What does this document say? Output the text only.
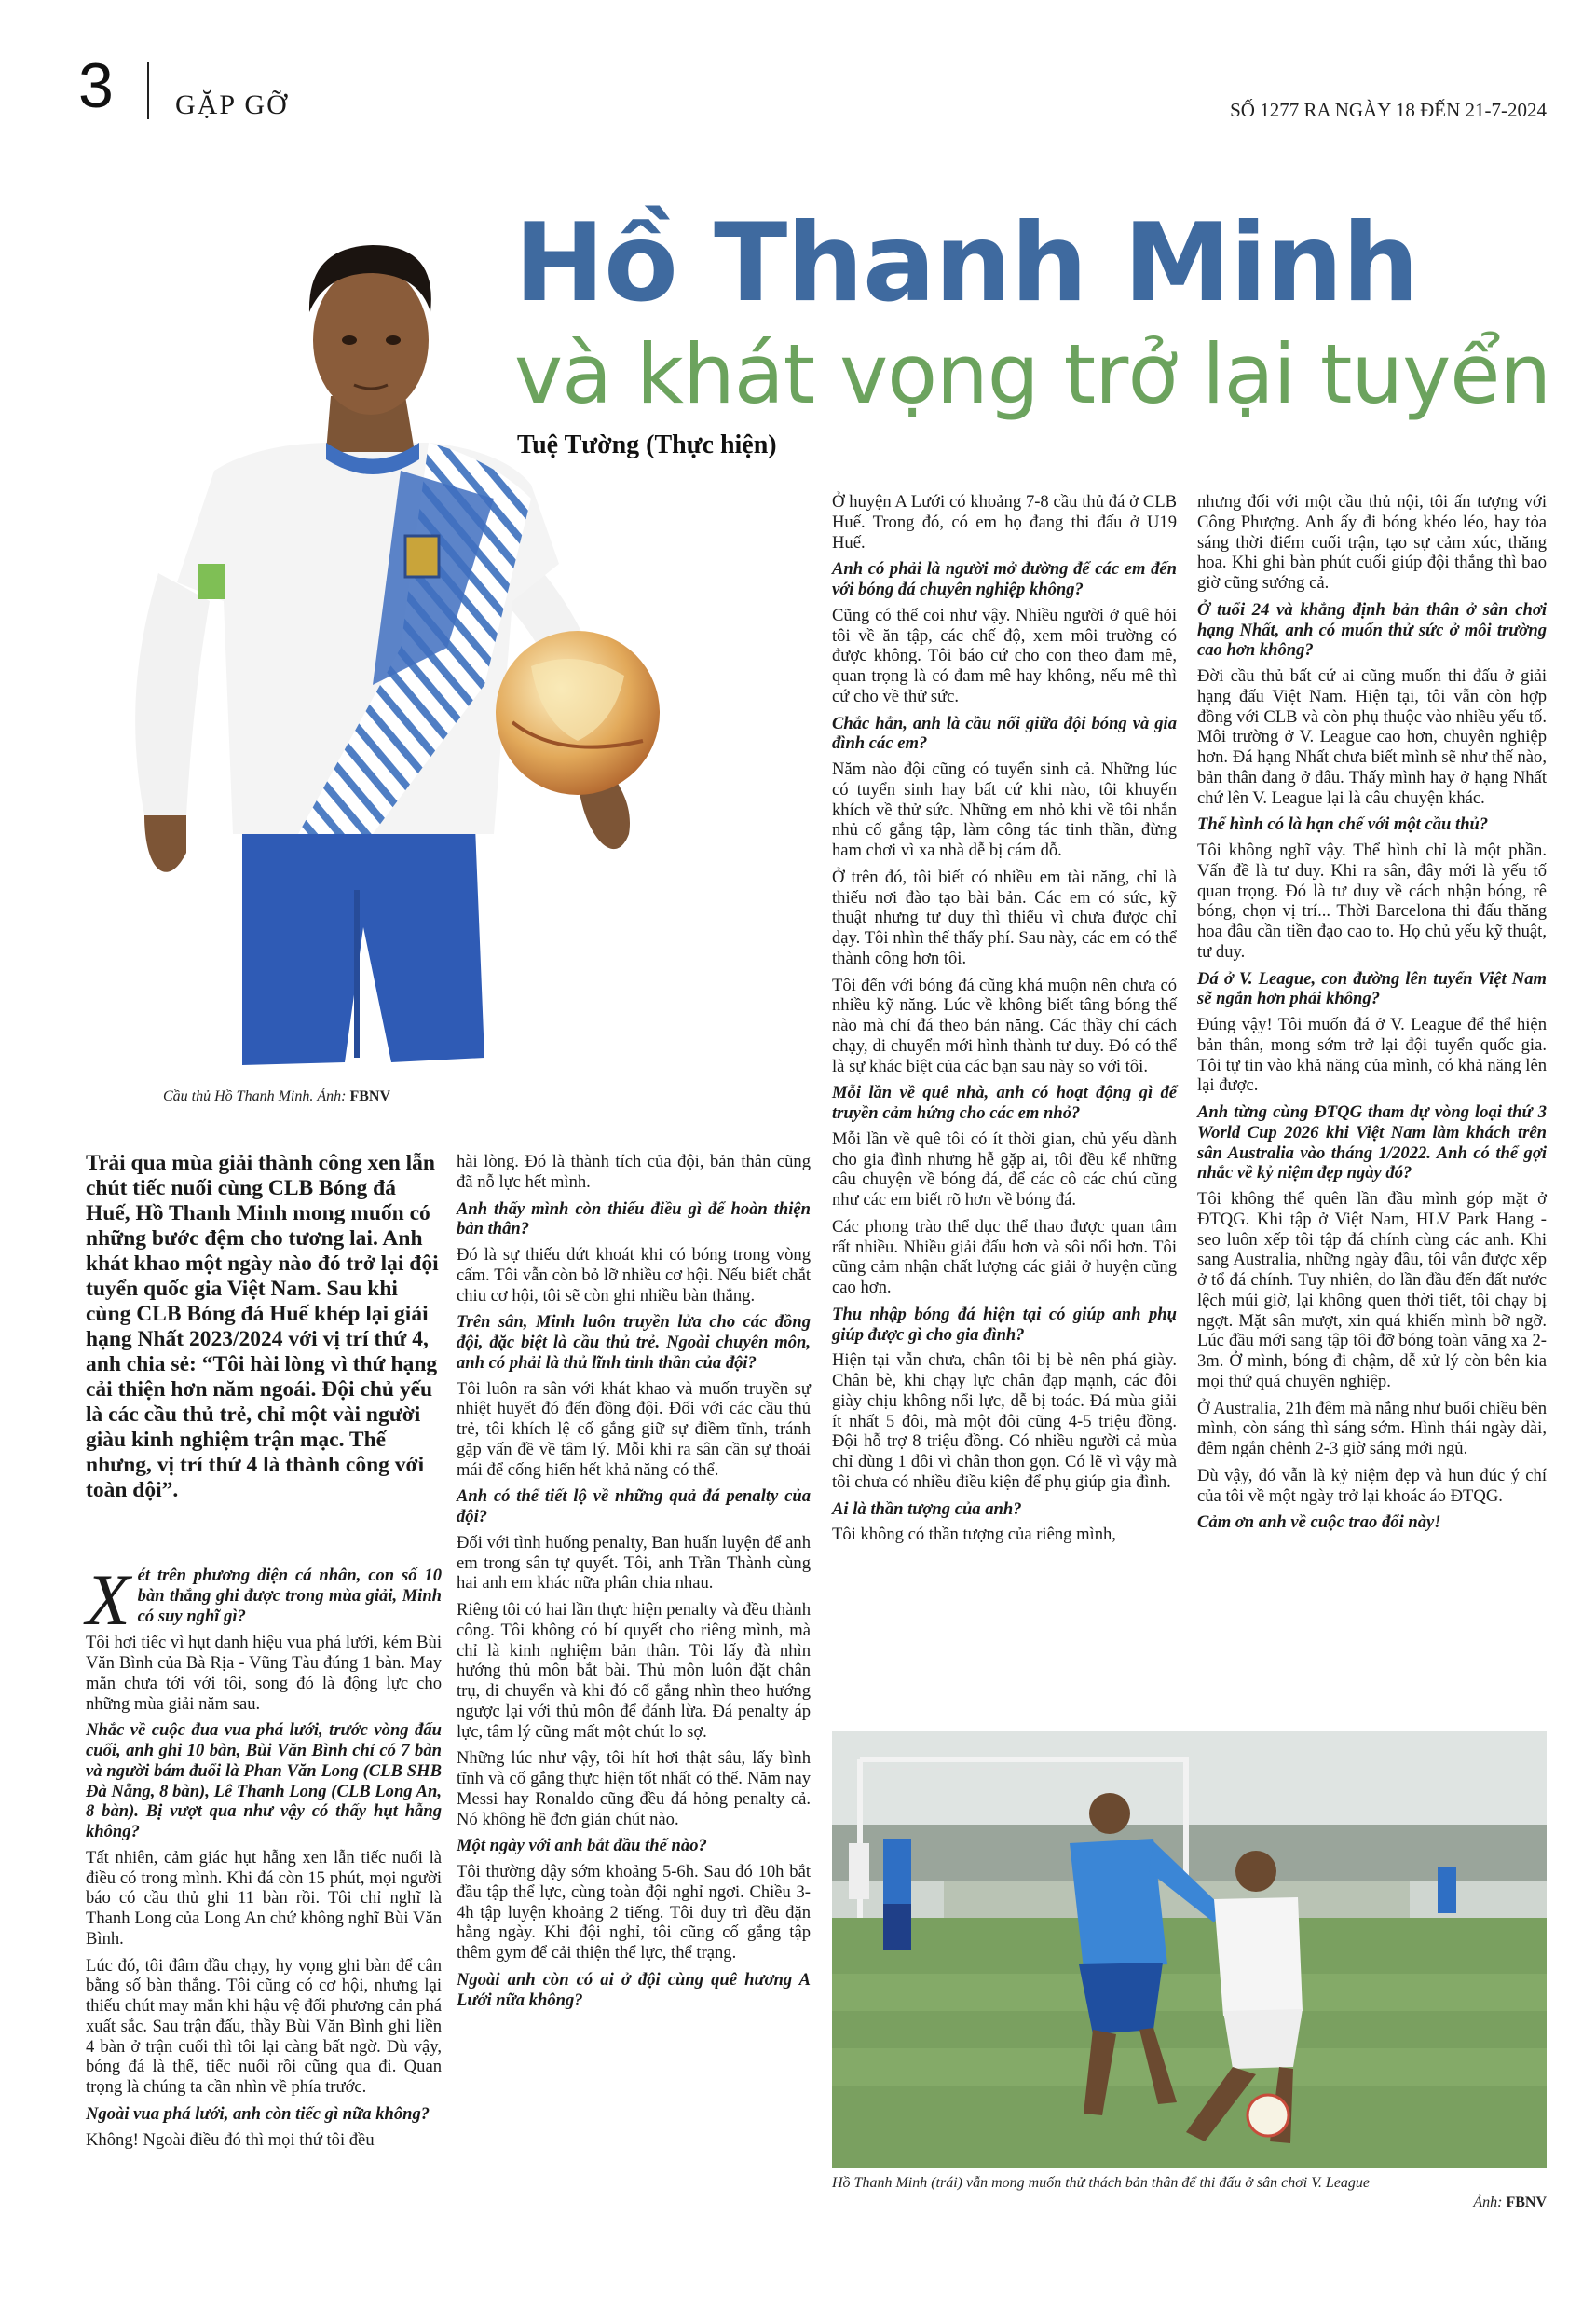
3 GẶP GỠ	SỐ 1277 RA NGÀY 18 ĐẾN 21-7-2024
Hồ Thanh Minh
và khát vọng trở lại tuyển
Tuệ Tường (Thực hiện)
Cầu thủ Hồ Thanh Minh. Ảnh: FBNV
Trải qua mùa giải thành công xen lẫn chút tiếc nuối cùng CLB Bóng đá Huế, Hồ Thanh Minh mong muốn có những bước đệm cho tương lai. Anh khát khao một ngày nào đó trở lại đội tuyển quốc gia Việt Nam. Sau khi cùng CLB Bóng đá Huế khép lại giải hạng Nhất 2023/2024 với vị trí thứ 4, anh chia sẻ: “Tôi hài lòng vì thứ hạng cải thiện hơn năm ngoái. Đội chủ yếu là các cầu thủ trẻ, chỉ một vài người giàu kinh nghiệm trận mạc. Thế nhưng, vị trí thứ 4 là thành công với toàn đội”.

Xét trên phương diện cá nhân, con số 10 bàn thắng ghi được trong mùa giải, Minh có suy nghĩ gì?

Tôi hơi tiếc vì hụt danh hiệu vua phá lưới, kém Bùi Văn Bình của Bà Rịa - Vũng Tàu đúng 1 bàn. May mắn chưa tới với tôi, song đó là động lực cho những mùa giải năm sau.

Nhắc về cuộc đua vua phá lưới, trước vòng đấu cuối, anh ghi 10 bàn, Bùi Văn Bình chỉ có 7 bàn và người bám đuổi là Phan Văn Long (CLB SHB Đà Nẵng, 8 bàn), Lê Thanh Long (CLB Long An, 8 bàn). Bị vượt qua như vậy có thấy hụt hẫng không?

Tất nhiên, cảm giác hụt hẫng xen lẫn tiếc nuối là điều có trong mình. Khi đá còn 15 phút, mọi người báo có cầu thủ ghi 11 bàn rồi. Tôi chỉ nghĩ là Thanh Long của Long An chứ không nghĩ Bùi Văn Bình.

Lúc đó, tôi đâm đầu chạy, hy vọng ghi bàn để cân bằng số bàn thắng. Tôi cũng có cơ hội, nhưng lại thiếu chút may mắn khi hậu vệ đối phương cản phá xuất sắc. Sau trận đấu, thầy Bùi Văn Bình ghi liền 4 bàn ở trận cuối thì tôi lại càng bất ngờ. Dù vậy, bóng đá là thế, tiếc nuối rồi cũng qua đi. Quan trọng là chúng ta cần nhìn về phía trước.

Ngoài vua phá lưới, anh còn tiếc gì nữa không?

Không! Ngoài điều đó thì mọi thứ tôi đều

hài lòng. Đó là thành tích của đội, bản thân cũng đã nỗ lực hết mình.

Anh thấy mình còn thiếu điều gì để hoàn thiện bản thân?

Đó là sự thiếu dứt khoát khi có bóng trong vòng cấm. Tôi vẫn còn bỏ lỡ nhiều cơ hội. Nếu biết chắt chiu cơ hội, tôi sẽ còn ghi nhiều bàn thắng.

Trên sân, Minh luôn truyền lửa cho các đồng đội, đặc biệt là cầu thủ trẻ. Ngoài chuyên môn, anh có phải là thủ lĩnh tinh thần của đội?

Tôi luôn ra sân với khát khao và muốn truyền sự nhiệt huyết đó đến đồng đội. Đối với các cầu thủ trẻ, tôi khích lệ cố gắng giữ sự điềm tĩnh, tránh gặp vấn đề về tâm lý. Mỗi khi ra sân cần sự thoải mái để cống hiến hết khả năng có thể.

Anh có thể tiết lộ về những quả đá penalty của đội?

Đối với tình huống penalty, Ban huấn luyện để anh em trong sân tự quyết. Tôi, anh Trần Thành cùng hai anh em khác nữa phân chia nhau.

Riêng tôi có hai lần thực hiện penalty và đều thành công. Tôi không có bí quyết cho riêng mình, mà chỉ là kinh nghiệm bản thân. Tôi lấy đà nhìn hướng thủ môn bắt bài. Thủ môn luôn đặt chân trụ, di chuyển và khi đó cố gắng nhìn theo hướng ngược lại với thủ môn để đánh lừa. Đá penalty áp lực, tâm lý cũng mất một chút lo sợ.

Những lúc như vậy, tôi hít hơi thật sâu, lấy bình tĩnh và cố gắng thực hiện tốt nhất có thể. Năm nay Messi hay Ronaldo cũng đều đá hỏng penalty cả. Nó không hề đơn giản chút nào.

Một ngày với anh bắt đầu thế nào?

Tôi thường dậy sớm khoảng 5-6h. Sau đó 10h bắt đầu tập thể lực, cùng toàn đội nghỉ ngơi. Chiều 3-4h tập luyện khoảng 2 tiếng. Tôi duy trì đều đặn hằng ngày. Khi đội nghỉ, tôi cũng cố gắng tập thêm gym để cải thiện thể lực, thể trạng.

Ngoài anh còn có ai ở đội cùng quê hương A Lưới nữa không?

Ở huyện A Lưới có khoảng 7-8 cầu thủ đá ở CLB Huế. Trong đó, có em họ đang thi đấu ở U19 Huế.

Anh có phải là người mở đường để các em đến với bóng đá chuyên nghiệp không?

Cũng có thể coi như vậy. Nhiều người ở quê hỏi tôi về ăn tập, các chế độ, xem môi trường có được không. Tôi báo cứ cho con theo đam mê, quan trọng là có đam mê hay không, nếu mê thì cứ cho về thử sức.

Chắc hẳn, anh là cầu nối giữa đội bóng và gia đình các em?

Năm nào đội cũng có tuyển sinh cả. Những lúc có tuyển sinh hay bất cứ khi nào, tôi khuyến khích về thử sức. Những em nhỏ khi về tôi nhắn nhủ cố gắng tập, làm công tác tinh thần, đừng ham chơi vì xa nhà dễ bị cám dỗ.

Ở trên đó, tôi biết có nhiều em tài năng, chỉ là thiếu nơi đào tạo bài bản. Các em có sức, kỹ thuật nhưng tư duy thì thiếu vì chưa được chỉ dạy. Tôi nhìn thế thấy phí. Sau này, các em có thể thành công hơn tôi.

Tôi đến với bóng đá cũng khá muộn nên chưa có nhiều kỹ năng. Lúc về không biết tâng bóng thế nào mà chỉ đá theo bản năng. Các thầy chỉ cách chạy, di chuyển mới hình thành tư duy. Đó có thể là sự khác biệt của các bạn sau này so với tôi.

Mỗi lần về quê nhà, anh có hoạt động gì để truyền cảm hứng cho các em nhỏ?

Mỗi lần về quê tôi có ít thời gian, chủ yếu dành cho gia đình nhưng hễ gặp ai, tôi đều kể những câu chuyện về bóng đá, để các cô các chú cũng như các em biết rõ hơn về bóng đá.

Các phong trào thể dục thể thao được quan tâm rất nhiều. Nhiều giải đấu hơn và sôi nổi hơn. Tôi cũng cảm nhận chất lượng các giải ở huyện cũng cao hơn.

Thu nhập bóng đá hiện tại có giúp anh phụ giúp được gì cho gia đình?

Hiện tại vẫn chưa, chân tôi bị bè nên phá giày. Chân bè, khi chạy lực chân đạp mạnh, các đôi giày chịu không nổi lực, dễ bị toác. Đá mùa giải ít nhất 5 đôi, mà một đôi cũng 4-5 triệu đồng. Đội hỗ trợ 8 triệu đồng. Có nhiều người cả mùa chỉ dùng 1 đôi vì chân thon gọn. Có lẽ vì vậy mà tôi chưa có nhiều điều kiện để phụ giúp gia đình.

Ai là thần tượng của anh?

Tôi không có thần tượng của riêng mình,

nhưng đối với một cầu thủ nội, tôi ấn tượng với Công Phượng. Anh ấy đi bóng khéo léo, hay tỏa sáng thời điểm cuối trận, tạo sự cảm xúc, thăng hoa. Khi ghi bàn phút cuối giúp đội thắng thì bao giờ cũng sướng cả.

Ở tuổi 24 và khẳng định bản thân ở sân chơi hạng Nhất, anh có muốn thử sức ở môi trường cao hơn không?

Đời cầu thủ bất cứ ai cũng muốn thi đấu ở giải hạng đấu Việt Nam. Hiện tại, tôi vẫn còn hợp đồng với CLB và còn phụ thuộc vào nhiều yếu tố. Môi trường ở V. League cao hơn, chuyên nghiệp hơn. Đá hạng Nhất chưa biết mình sẽ như thế nào, bản thân đang ở đâu. Thấy mình hay ở hạng Nhất chứ lên V. League lại là câu chuyện khác.

Thể hình có là hạn chế với một cầu thủ?

Tôi không nghĩ vậy. Thể hình chỉ là một phần. Vấn đề là tư duy. Khi ra sân, đây mới là yếu tố quan trọng. Đó là tư duy về cách nhận bóng, rê bóng, chọn vị trí... Thời Barcelona thi đấu thăng hoa đâu cần tiền đạo cao to. Họ chủ yếu kỹ thuật, tư duy.

Đá ở V. League, con đường lên tuyển Việt Nam sẽ ngắn hơn phải không?

Đúng vậy! Tôi muốn đá ở V. League để thể hiện bản thân, mong sớm trở lại đội tuyển quốc gia. Tôi tự tin vào khả năng của mình, có khả năng lên lại được.

Anh từng cùng ĐTQG tham dự vòng loại thứ 3 World Cup 2026 khi Việt Nam làm khách trên sân Australia vào tháng 1/2022. Anh có thể gợi nhắc về kỷ niệm đẹp ngày đó?

Tôi không thể quên lần đầu mình góp mặt ở ĐTQG. Khi tập ở Việt Nam, HLV Park Hang - seo luôn xếp tôi tập đá chính cùng các anh. Khi sang Australia, những ngày đầu, tôi vẫn được xếp ở tổ đá chính. Tuy nhiên, do lần đầu đến đất nước lệch múi giờ, lại không quen thời tiết, tôi chạy bị ngợt. Mặt sân mượt, xin quá khiến mình bỡ ngỡ. Lúc đầu mới sang tập tôi đỡ bóng toàn văng xa 2-3m. Ở mình, bóng đi chậm, dễ xử lý còn bên kia mọi thứ quá chuyên nghiệp.

Ở Australia, 21h đêm mà nắng như buổi chiều bên mình, còn sáng thì sáng sớm. Hình thái ngày dài, đêm ngắn chênh 2-3 giờ sáng mới ngủ.

Dù vậy, đó vẫn là kỷ niệm đẹp và hun đúc ý chí của tôi về một ngày trở lại khoác áo ĐTQG.

Cảm ơn anh về cuộc trao đổi này!

Hồ Thanh Minh (trái) vẫn mong muốn thử thách bản thân để thi đấu ở sân chơi V. League
Ảnh: FBNV
